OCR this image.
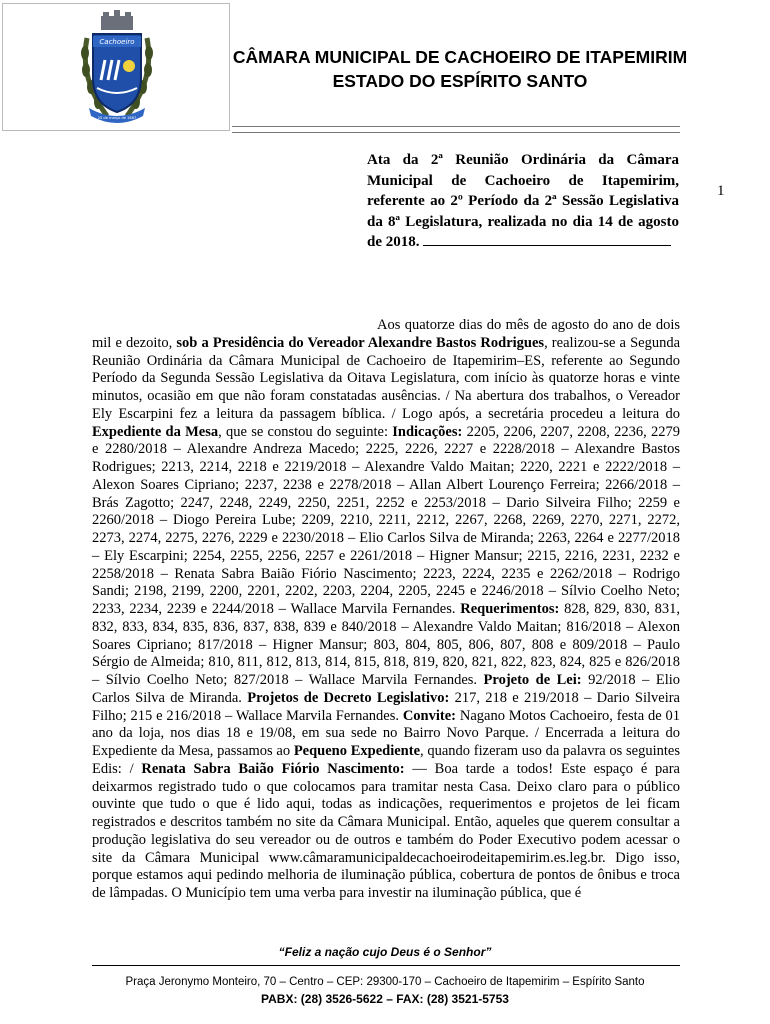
Cachoeiro
25 de março de 1867
CÂMARA MUNICIPAL DE CACHOEIRO DE ITAPEMIRIM
ESTADO DO ESPÍRITO SANTO
Ata da 2ª Reunião Ordinária da Câmara Municipal de Cachoeiro de Itapemirim, referente ao 2º Período da 2ª Sessão Legislativa da 8ª Legislatura, realizada no dia 14 de agosto de 2018.
1

Aos quatorze dias do mês de agosto do ano de dois mil e dezoito, sob a Presidência do Vereador Alexandre Bastos Rodrigues, realizou-se a Segunda Reunião Ordinária da Câmara Municipal de Cachoeiro de Itapemirim–ES, referente ao Segundo Período da Segunda Sessão Legislativa da Oitava Legislatura, com início às quatorze horas e vinte minutos, ocasião em que não foram constatadas ausências. / Na abertura dos trabalhos, o Vereador Ely Escarpini fez a leitura da passagem bíblica. / Logo após, a secretária procedeu a leitura do Expediente da Mesa, que se constou do seguinte: Indicações: 2205, 2206, 2207, 2208, 2236, 2279 e 2280/2018 – Alexandre Andreza Macedo; 2225, 2226, 2227 e 2228/2018 – Alexandre Bastos Rodrigues; 2213, 2214, 2218 e 2219/2018 – Alexandre Valdo Maitan; 2220, 2221 e 2222/2018 – Alexon Soares Cipriano; 2237, 2238 e 2278/2018 – Allan Albert Lourenço Ferreira; 2266/2018 – Brás Zagotto; 2247, 2248, 2249, 2250, 2251, 2252 e 2253/2018 – Dario Silveira Filho; 2259 e 2260/2018 – Diogo Pereira Lube; 2209, 2210, 2211, 2212, 2267, 2268, 2269, 2270, 2271, 2272, 2273, 2274, 2275, 2276, 2229 e 2230/2018 – Elio Carlos Silva de Miranda; 2263, 2264 e 2277/2018 – Ely Escarpini; 2254, 2255, 2256, 2257 e 2261/2018 – Higner Mansur; 2215, 2216, 2231, 2232 e 2258/2018 – Renata Sabra Baião Fiório Nascimento; 2223, 2224, 2235 e 2262/2018 – Rodrigo Sandi; 2198, 2199, 2200, 2201, 2202, 2203, 2204, 2205, 2245 e 2246/2018 – Sílvio Coelho Neto; 2233, 2234, 2239 e 2244/2018 – Wallace Marvila Fernandes. Requerimentos: 828, 829, 830, 831, 832, 833, 834, 835, 836, 837, 838, 839 e 840/2018 – Alexandre Valdo Maitan; 816/2018 – Alexon Soares Cipriano; 817/2018 – Higner Mansur; 803, 804, 805, 806, 807, 808 e 809/2018 – Paulo Sérgio de Almeida; 810, 811, 812, 813, 814, 815, 818, 819, 820, 821, 822, 823, 824, 825 e 826/2018 – Sílvio Coelho Neto; 827/2018 – Wallace Marvila Fernandes. Projeto de Lei: 92/2018 – Elio Carlos Silva de Miranda. Projetos de Decreto Legislativo: 217, 218 e 219/2018 – Dario Silveira Filho; 215 e 216/2018 – Wallace Marvila Fernandes. Convite: Nagano Motos Cachoeiro, festa de 01 ano da loja, nos dias 18 e 19/08, em sua sede no Bairro Novo Parque. / Encerrada a leitura do Expediente da Mesa, passamos ao Pequeno Expediente, quando fizeram uso da palavra os seguintes Edis: / Renata Sabra Baião Fiório Nascimento: — Boa tarde a todos! Este espaço é para deixarmos registrado tudo o que colocamos para tramitar nesta Casa. Deixo claro para o público ouvinte que tudo o que é lido aqui, todas as indicações, requerimentos e projetos de lei ficam registrados e descritos também no site da Câmara Municipal. Então, aqueles que querem consultar a produção legislativa do seu vereador ou de outros e também do Poder Executivo podem acessar o site da Câmara Municipal www.câmaramunicipaldecachoeirodeitapemirim.es.leg.br. Digo isso, porque estamos aqui pedindo melhoria de iluminação pública, cobertura de pontos de ônibus e troca de lâmpadas. O Município tem uma verba para investir na iluminação pública, que é

“Feliz a nação cujo Deus é o Senhor”
Praça Jeronymo Monteiro, 70 – Centro – CEP: 29300-170 – Cachoeiro de Itapemirim – Espírito Santo
PABX: (28) 3526-5622 – FAX: (28) 3521-5753
